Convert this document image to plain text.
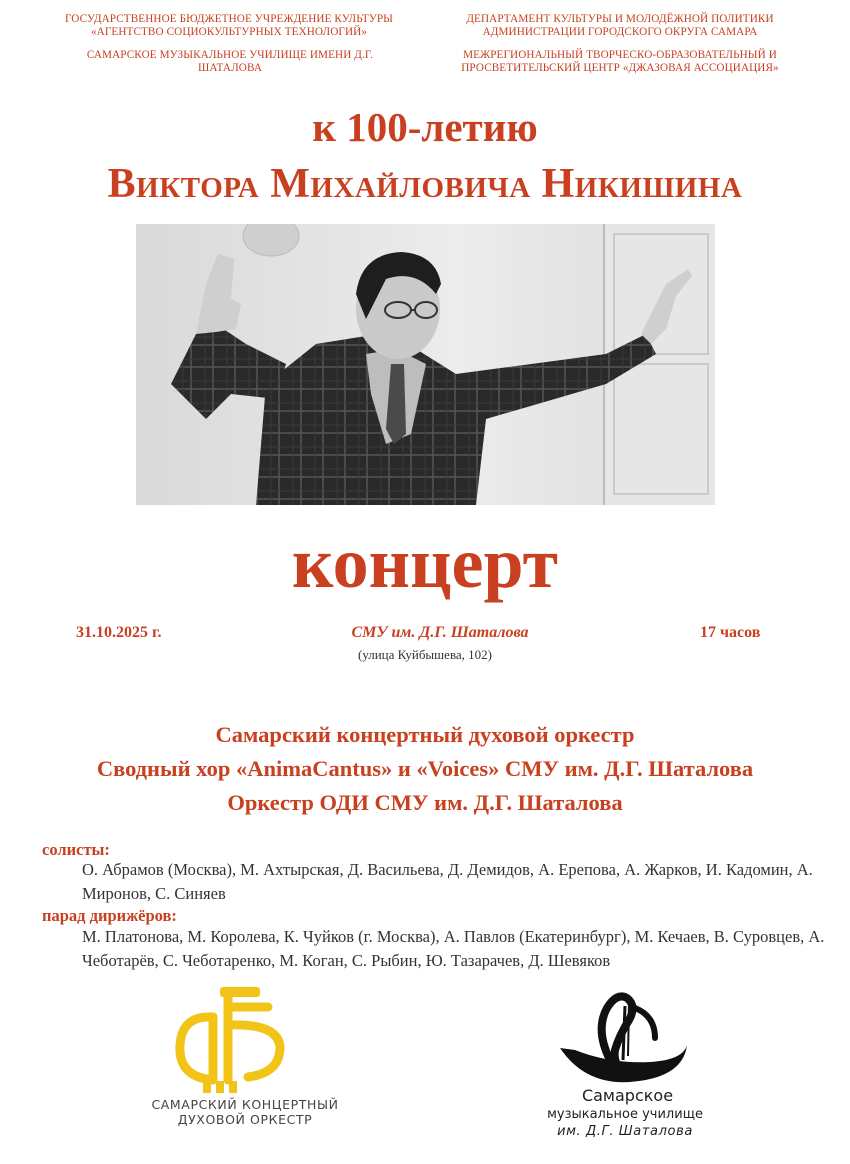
ГОСУДАРСТВЕННОЕ БЮДЖЕТНОЕ УЧРЕЖДЕНИЕ КУЛЬТУРЫ «АГЕНТСТВО СОЦИОКУЛЬТУРНЫХ ТЕХНОЛОГИЙ»
САМАРСКОЕ МУЗЫКАЛЬНОЕ УЧИЛИЩЕ ИМЕНИ Д.Г. ШАТАЛОВА
ДЕПАРТАМЕНТ КУЛЬТУРЫ И МОЛОДЁЖНОЙ ПОЛИТИКИ АДМИНИСТРАЦИИ ГОРОДСКОГО ОКРУГА САМАРА
МЕЖРЕГИОНАЛЬНЫЙ ТВОРЧЕСКО-ОБРАЗОВАТЕЛЬНЫЙ И ПРОСВЕТИТЕЛЬСКИЙ ЦЕНТР «ДЖАЗОВАЯ АССОЦИАЦИЯ»
к 100-летию
Виктора Михайловича Никишина
концерт
31.10.2025 г.	СМУ им. Д.Г. Шаталова
(улица Куйбышева, 102)
17 часов
Самарский концертный духовой оркестр
Сводный хор «AnimaCantus» и «Voices» СМУ им. Д.Г. Шаталова
Оркестр ОДИ СМУ им. Д.Г. Шаталова
солисты:
О. Абрамов (Москва), М. Ахтырская, Д. Васильева, Д. Демидов, А. Ерепова, А. Жарков, И. Кадомин, А. Миронов, С. Синяев
парад дирижёров:
М. Платонова, М. Королева, К. Чуйков (г. Москва), А. Павлов (Екатеринбург), М. Кечаев, В. Суровцев, А. Чеботарёв, С. Чеботаренко, М. Коган, С. Рыбин, Ю. Тазарачев, Д. Шевяков
САМАРСКИЙ КОНЦЕРТНЫЙ ДУХОВОЙ ОРКЕСТР
Самарское
музыкальное училище
им. Д.Г. Шаталова
